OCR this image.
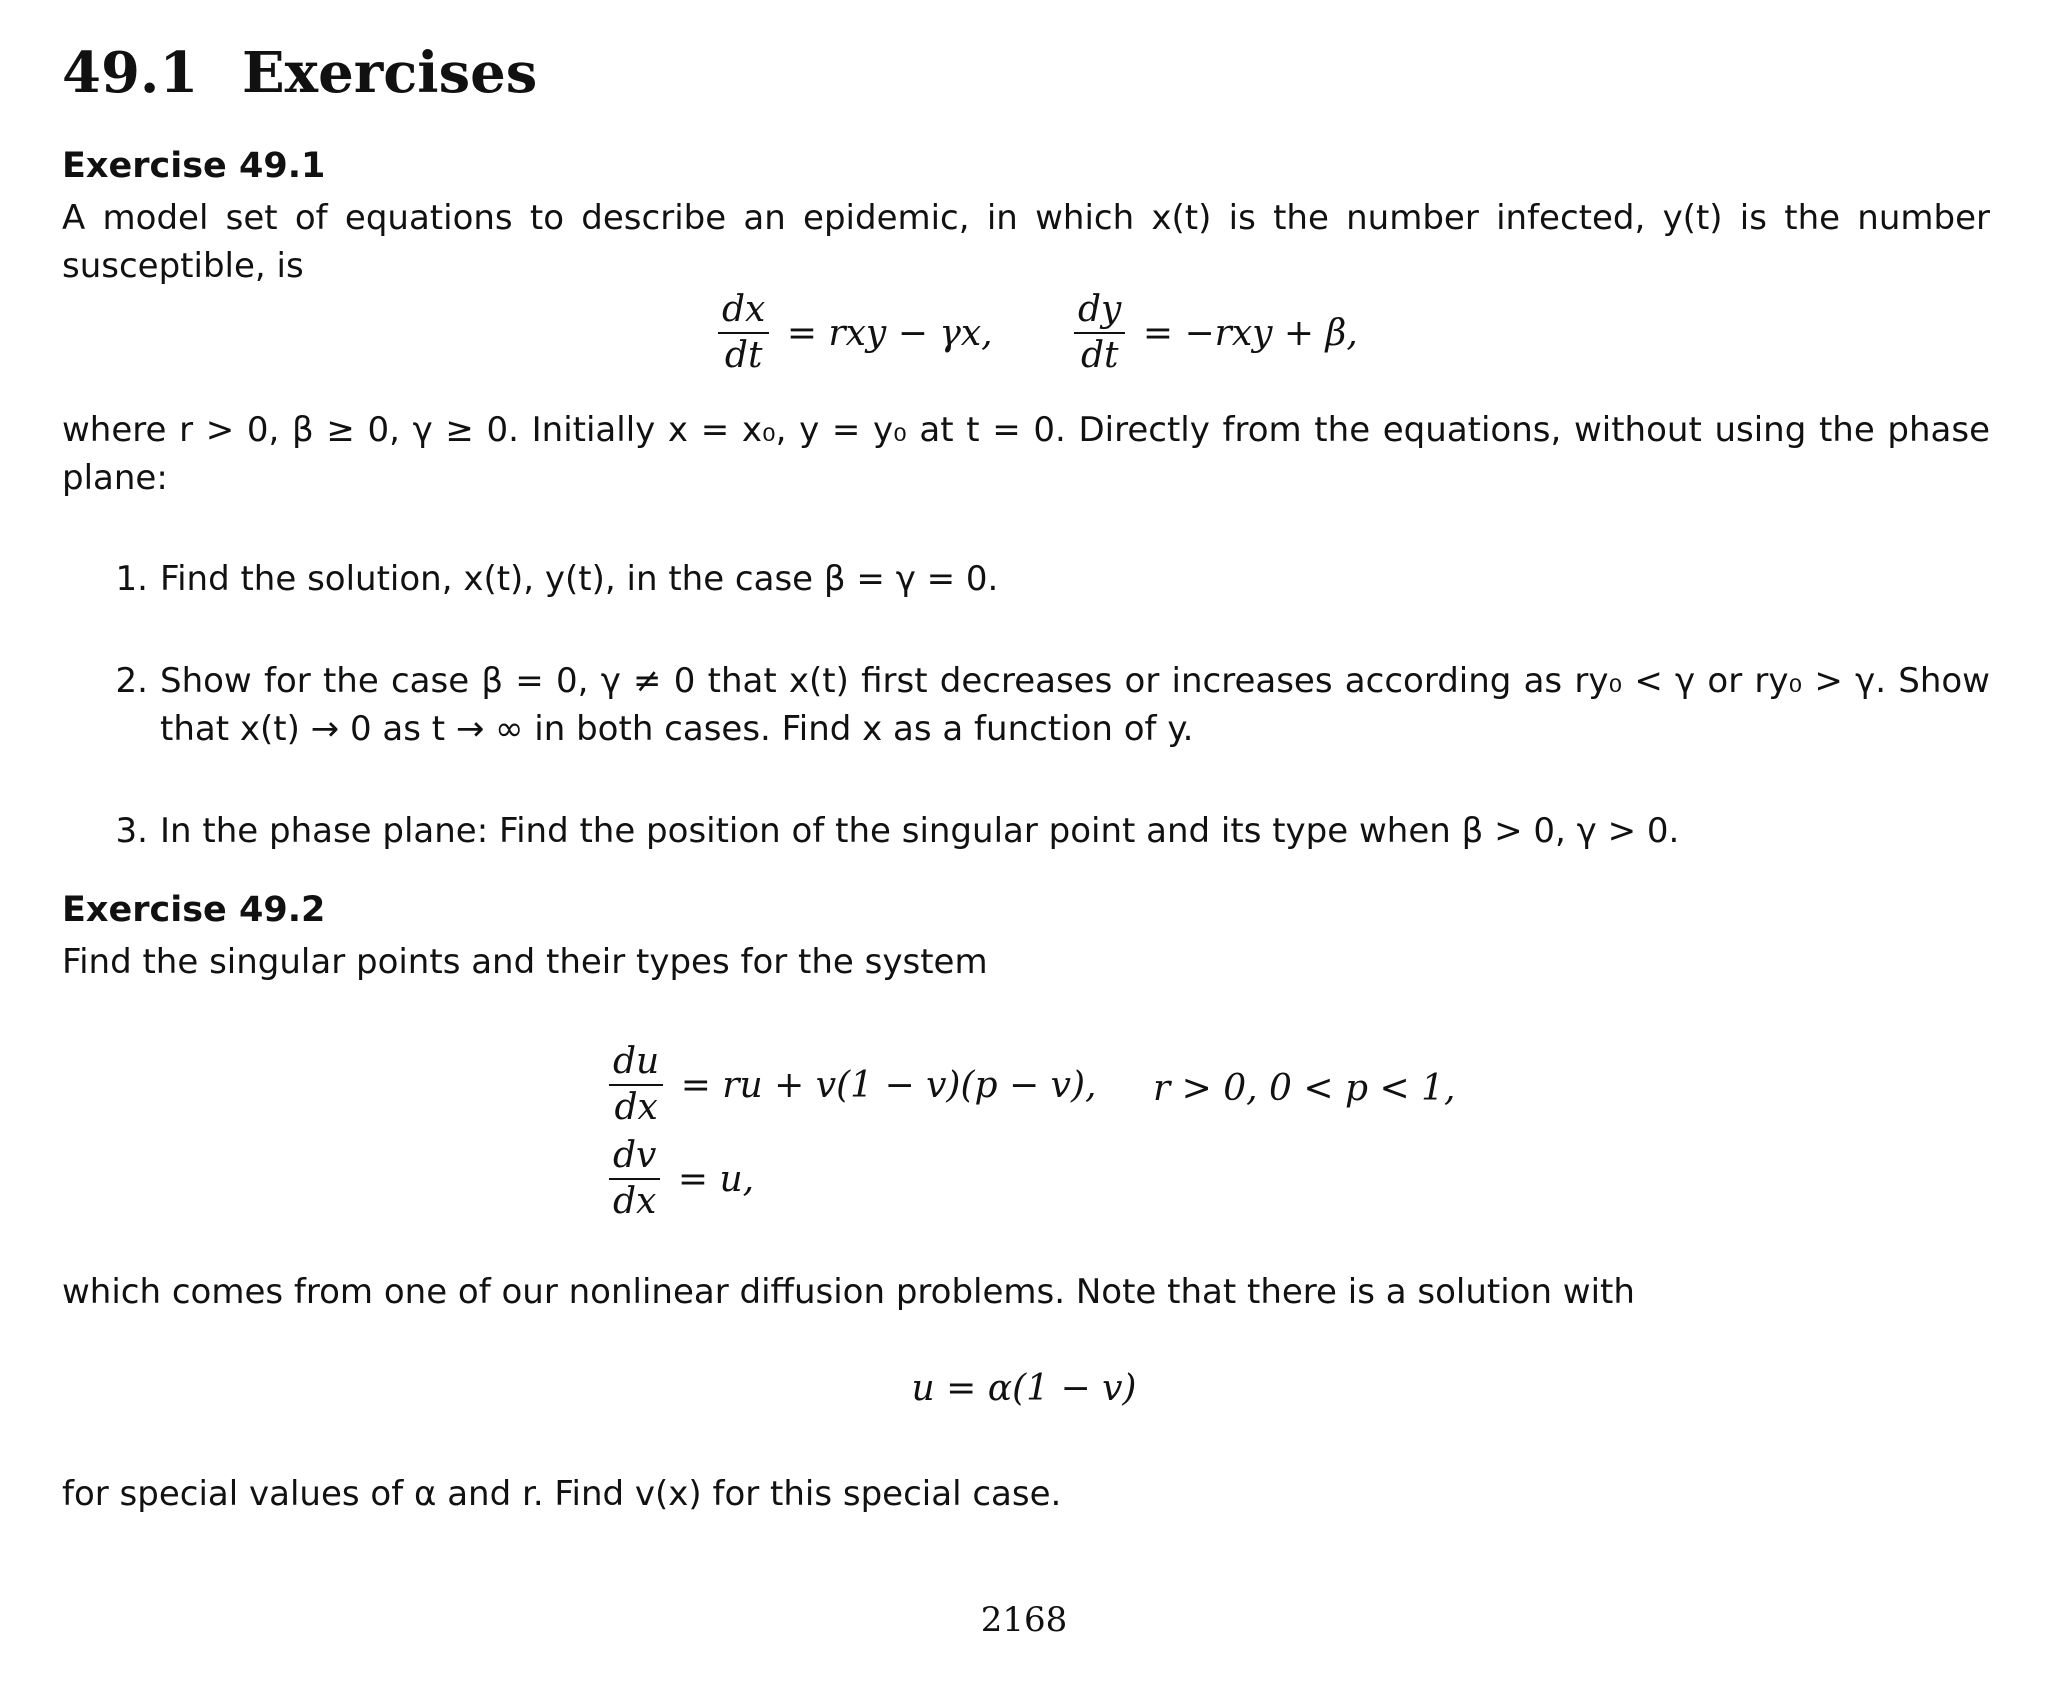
49.1 Exercises
Exercise 49.1
A model set of equations to describe an epidemic, in which x(t) is the number infected, y(t) is the number susceptible, is
$\frac{dx}{dt}$ = rxy − γx, $\frac{dy}{dt} = -rxy + \beta$,
where r > 0, β ≥ 0, γ ≥ 0. Initially x = x₀, y = y₀ at t = 0. Directly from the equations, without using the phase plane:
1. Find the solution, x(t), y(t), in the case β = γ = 0.
2. Show for the case β = 0, γ ≠ 0 that x(t) first decreases or increases according as ry₀ < γ or ry₀ > γ. Show that x(t) → 0 as t → ∞ in both cases. Find x as a function of y.
3. In the phase plane: Find the position of the singular point and its type when β > 0, γ > 0.
Exercise 49.2
Find the singular points and their types for the system
$\frac{du}{dx}$ = ru + v(1 − v)(p − v), r > 0, 0 < p < 1,
$\frac{dv}{dx} = u$,
which comes from one of our nonlinear diffusion problems. Note that there is a solution with
u = α(1 − v)
for special values of α and r. Find v(x) for this special case.
2168
